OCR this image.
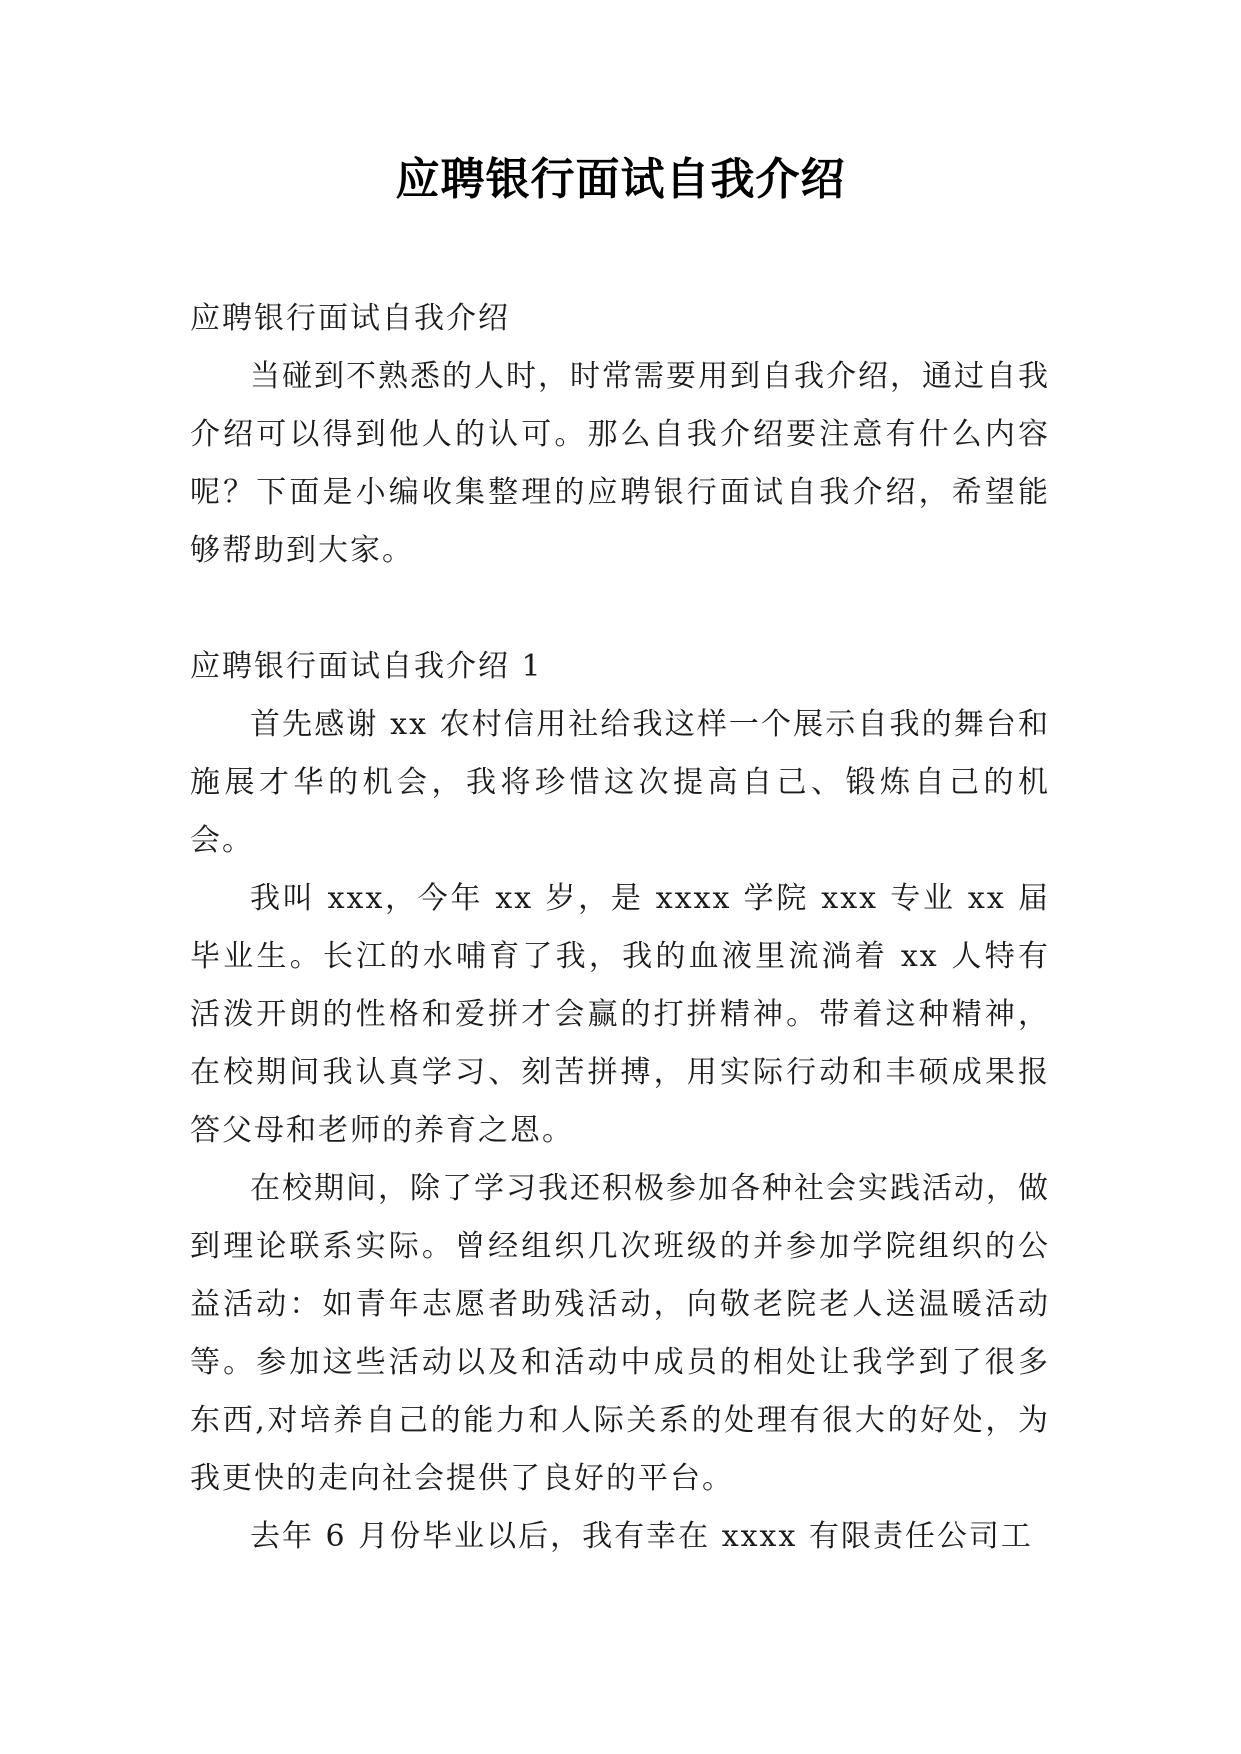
应聘银行面试自我介绍

应聘银行面试自我介绍

当碰到不熟悉的人时，时常需要用到自我介绍，通过自我介绍可以得到他人的认可。那么自我介绍要注意有什么内容呢？下面是小编收集整理的应聘银行面试自我介绍，希望能够帮助到大家。

应聘银行面试自我介绍 1

首先感谢 xx 农村信用社给我这样一个展示自我的舞台和施展才华的机会，我将珍惜这次提高自己、锻炼自己的机会。

我叫 xxx，今年 xx 岁，是 xxxx 学院 xxx 专业 xx 届毕业生。长江的水哺育了我，我的血液里流淌着 xx 人特有活泼开朗的性格和爱拼才会赢的打拼精神。带着这种精神，在校期间我认真学习、刻苦拼搏，用实际行动和丰硕成果报答父母和老师的养育之恩。

在校期间，除了学习我还积极参加各种社会实践活动，做到理论联系实际。曾经组织几次班级的并参加学院组织的公益活动：如青年志愿者助残活动，向敬老院老人送温暖活动等。参加这些活动以及和活动中成员的相处让我学到了很多东西,对培养自己的能力和人际关系的处理有很大的好处，为我更快的走向社会提供了良好的平台。

去年 6 月份毕业以后，我有幸在 xxxx 有限责任公司工
